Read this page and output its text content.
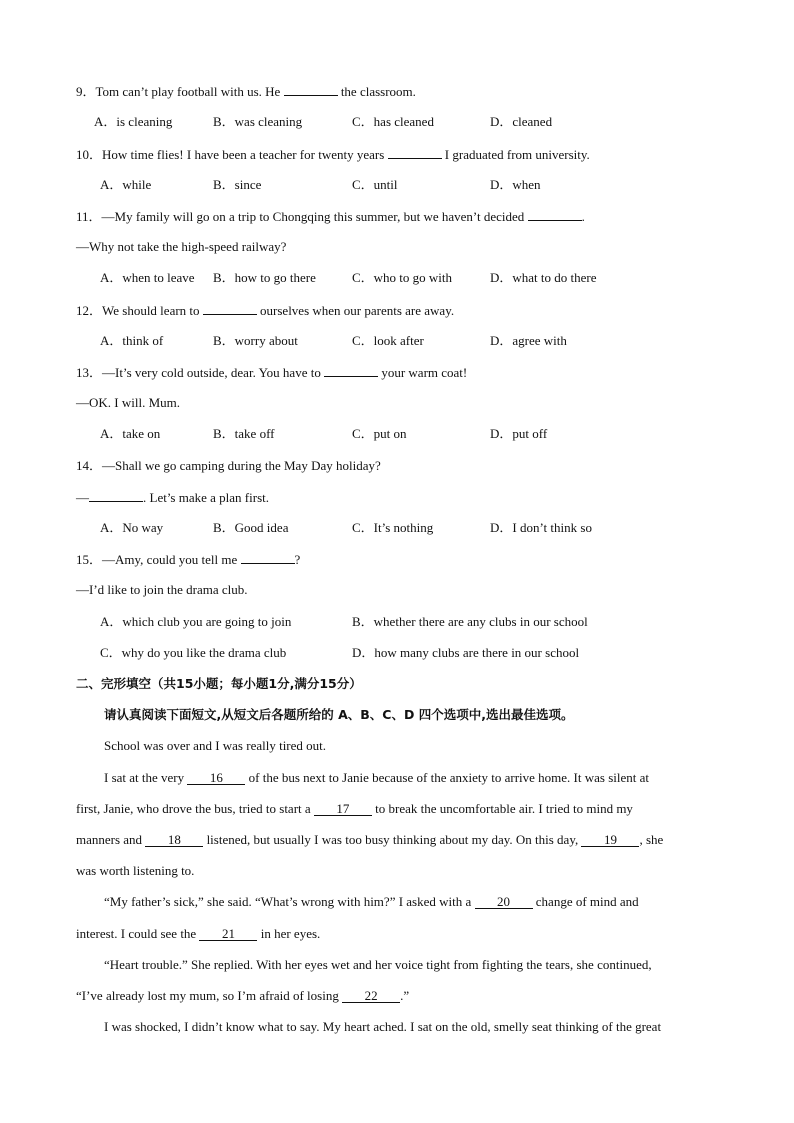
9．Tom can’t play football with us. He	the classroom.
A．is cleaning	B．was cleaning	C．has cleaned	D．cleaned
10．How time flies! I have been a teacher for twenty years	I graduated from university.
A．while	B．since	C．until	D．when
11．—My family will go on a trip to Chongqing this summer, but we haven’t decided	.
—Why not take the high-speed railway?
A．when to leave B．how to go there	C．who to go with	D．what to do there
12．We should learn to	ourselves when our parents are away.
A．think of	B．worry about	C．look after	D．agree with
13．—It’s very cold outside, dear. You have to	your warm coat!
—OK. I will. Mum.
A．take on	B．take off	C．put on	D．put off
14．—Shall we go camping during the May Day holiday?
—	. Let’s make a plan first.
A．No way	B．Good idea	C．It’s nothing	D．I don’t think so
15．—Amy, could you tell me	?
—I’d like to join the drama club.
A．which club you are going to join	B．whether there are any clubs in our school
C．why do you like the drama club	D．how many clubs are there in our school
二、完形填空（共15小题；每小题1分,满分15分）
请认真阅读下面短文,从短文后各题所给的 A、B、C、D 四个选项中,选出最佳选项。
School was over and I was really tired out.
I sat at the very 16 of the bus next to Janie because of the anxiety to arrive home. It was silent at
first, Janie, who drove the bus, tried to start a 17 to break the uncomfortable air. I tried to mind my
manners and 18 listened, but usually I was too busy thinking about my day. On this day, 19 , she
was worth listening to.
“My father’s sick,” she said. “What’s wrong with him?” I asked with a 20 change of mind and
interest. I could see the 21 in her eyes.
“Heart trouble.” She replied. With her eyes wet and her voice tight from fighting the tears, she continued,
“I’ve already lost my mum, so I’m afraid of losing 22 .”
I was shocked, I didn’t know what to say. My heart ached. I sat on the old, smelly seat thinking of the great
